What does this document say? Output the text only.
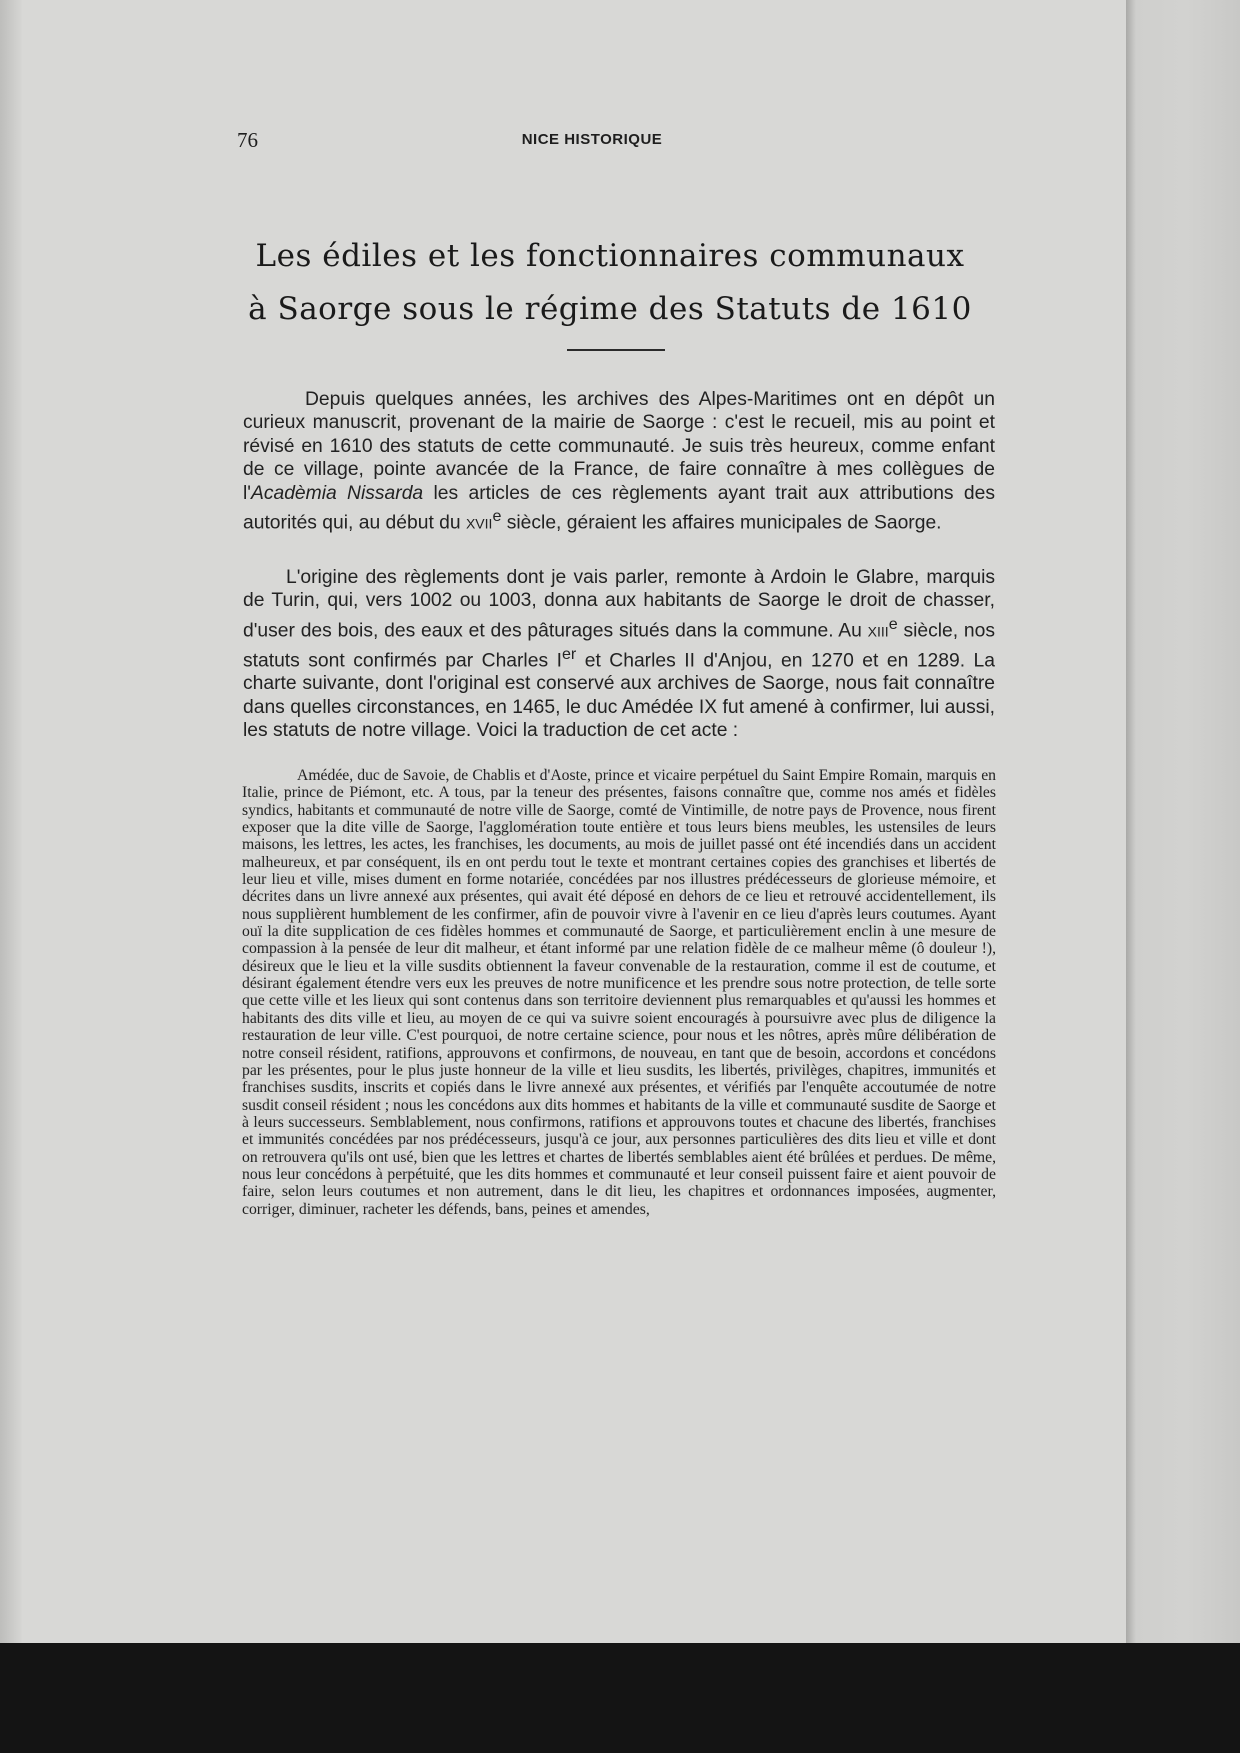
76	NICE HISTORIQUE
Les édiles et les fonctionnaires communaux
à Saorge sous le régime des Statuts de 1610

Depuis quelques années, les archives des Alpes-Maritimes ont en dépôt un curieux manuscrit, provenant de la mairie de Saorge : c'est le recueil, mis au point et révisé en 1610 des statuts de cette communauté. Je suis très heureux, comme enfant de ce village, pointe avancée de la France, de faire connaître à mes collègues de l'Acadèmia Nissarda les articles de ces règlements ayant trait aux attributions des autorités qui, au début du xvii$^e$ siècle, géraient les affaires municipales de Saorge.

L'origine des règlements dont je vais parler, remonte à Ardoin le Glabre, marquis de Turin, qui, vers 1002 ou 1003, donna aux habitants de Saorge le droit de chasser, d'user des bois, des eaux et des pâturages situés dans la commune. Au xiii$^e$ siècle, nos statuts sont confirmés par Charles Ier et Charles II d'Anjou, en 1270 et en 1289. La charte suivante, dont l'original est conservé aux archives de Saorge, nous fait connaître dans quelles circonstances, en 1465, le duc Amédée IX fut amené à confirmer, lui aussi, les statuts de notre village. Voici la traduction de cet acte :

Amédée, duc de Savoie, de Chablis et d'Aoste, prince et vicaire perpétuel du Saint Empire Romain, marquis en Italie, prince de Piémont, etc. A tous, par la teneur des présentes, faisons connaître que, comme nos amés et fidèles syndics, habitants et communauté de notre ville de Saorge, comté de Vintimille, de notre pays de Provence, nous firent exposer que la dite ville de Saorge, l'agglomération toute entière et tous leurs biens meubles, les ustensiles de leurs maisons, les lettres, les actes, les franchises, les documents, au mois de juillet passé ont été incendiés dans un accident malheureux, et par conséquent, ils en ont perdu tout le texte et montrant certaines copies des granchises et libertés de leur lieu et ville, mises dument en forme notariée, concédées par nos illustres prédécesseurs de glorieuse mémoire, et décrites dans un livre annexé aux présentes, qui avait été déposé en dehors de ce lieu et retrouvé accidentellement, ils nous supplièrent humblement de les confirmer, afin de pouvoir vivre à l'avenir en ce lieu d'après leurs coutumes. Ayant ouï la dite supplication de ces fidèles hommes et communauté de Saorge, et particulièrement enclin à une mesure de compassion à la pensée de leur dit malheur, et étant informé par une relation fidèle de ce malheur même (ô douleur !), désireux que le lieu et la ville susdits obtiennent la faveur convenable de la restauration, comme il est de coutume, et désirant également étendre vers eux les preuves de notre munificence et les prendre sous notre protection, de telle sorte que cette ville et les lieux qui sont contenus dans son territoire deviennent plus remarquables et qu'aussi les hommes et habitants des dits ville et lieu, au moyen de ce qui va suivre soient encouragés à poursuivre avec plus de diligence la restauration de leur ville. C'est pourquoi, de notre certaine science, pour nous et les nôtres, après mûre délibération de notre conseil résident, ratifions, approuvons et confirmons, de nouveau, en tant que de besoin, accordons et concédons par les présentes, pour le plus juste honneur de la ville et lieu susdits, les libertés, privilèges, chapitres, immunités et franchises susdits, inscrits et copiés dans le livre annexé aux présentes, et vérifiés par l'enquête accoutumée de notre susdit conseil résident ; nous les concédons aux dits hommes et habitants de la ville et communauté susdite de Saorge et à leurs successeurs. Semblablement, nous confirmons, ratifions et approuvons toutes et chacune des libertés, franchises et immunités concédées par nos prédécesseurs, jusqu'à ce jour, aux personnes particulières des dits lieu et ville et dont on retrouvera qu'ils ont usé, bien que les lettres et chartes de libertés semblables aient été brûlées et perdues. De même, nous leur concédons à perpétuité, que les dits hommes et communauté et leur conseil puissent faire et aient pouvoir de faire, selon leurs coutumes et non autrement, dans le dit lieu, les chapitres et ordonnances imposées, augmenter, corriger, diminuer, racheter les défends, bans, peines et amendes,
